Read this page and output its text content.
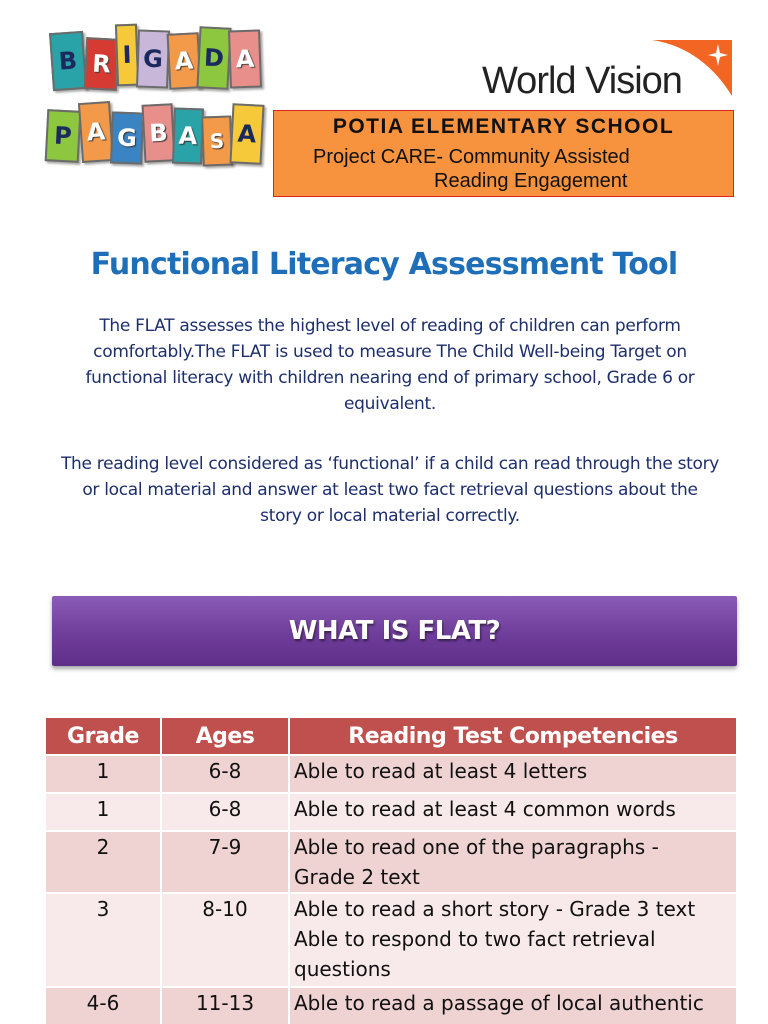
B R I G A D A
P A G B A S A
World Vision
POTIA ELEMENTARY SCHOOL
Project CARE- Community Assisted
Reading Engagement
Functional Literacy Assessment Tool

The FLAT assesses the highest level of reading of children can perform comfortably.The FLAT is used to measure The Child Well-being Target on functional literacy with children nearing end of primary school, Grade 6 or equivalent.

The reading level considered as ‘functional’ if a child can read through the story or local material and answer at least two fact retrieval questions about the story or local material correctly.

WHAT IS FLAT?
Grade	Ages	Reading Test Competencies
1	6-8	Able to read at least 4 letters

1	6-8	Able to read at least 4 common words

2	7-9	Able to read one of the paragraphs -
Grade 2 text

3	8-10	Able to read a short story - Grade 3 text
Able to respond to two fact retrieval
questions

4-6	11-13	Able to read a passage of local authentic
